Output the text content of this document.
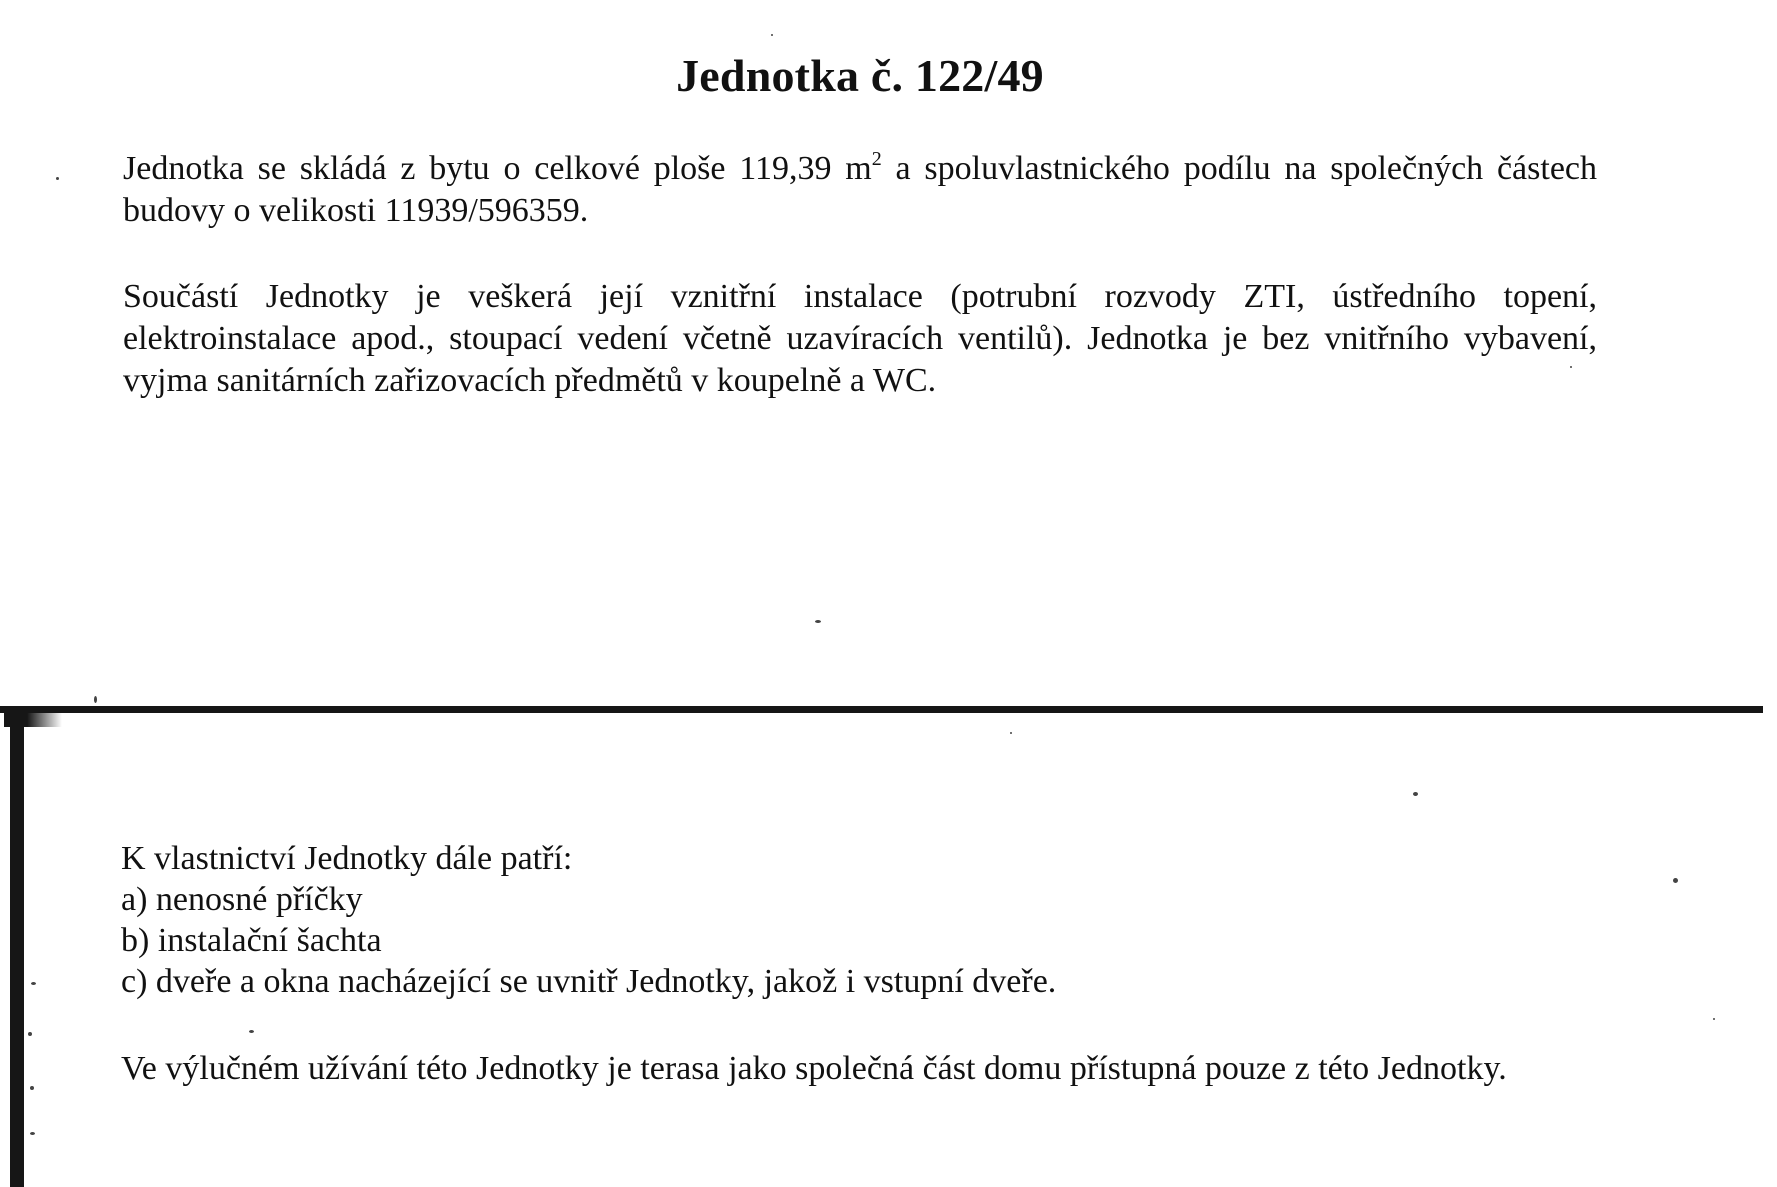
Jednotka č. 122/49
Jednotka se skládá z bytu o celkové ploše 119,39 $m^2$ a spoluvlastnického podílu na společných částech budovy o velikosti 11939/596359.
Součástí Jednotky je veškerá její vznitřní instalace (potrubní rozvody ZTI, ústředního topení, elektroinstalace apod., stoupací vedení včetně uzavíracích ventilů). Jednotka je bez vnitřního vybavení, vyjma sanitárních zařizovacích předmětů v koupelně a WC.
K vlastnictví Jednotky dále patří:
a) nenosné příčky
b) instalační šachta
c) dveře a okna nacházející se uvnitř Jednotky, jakož i vstupní dveře.
Ve výlučném užívání této Jednotky je terasa jako společná část domu přístupná pouze z této Jednotky.
